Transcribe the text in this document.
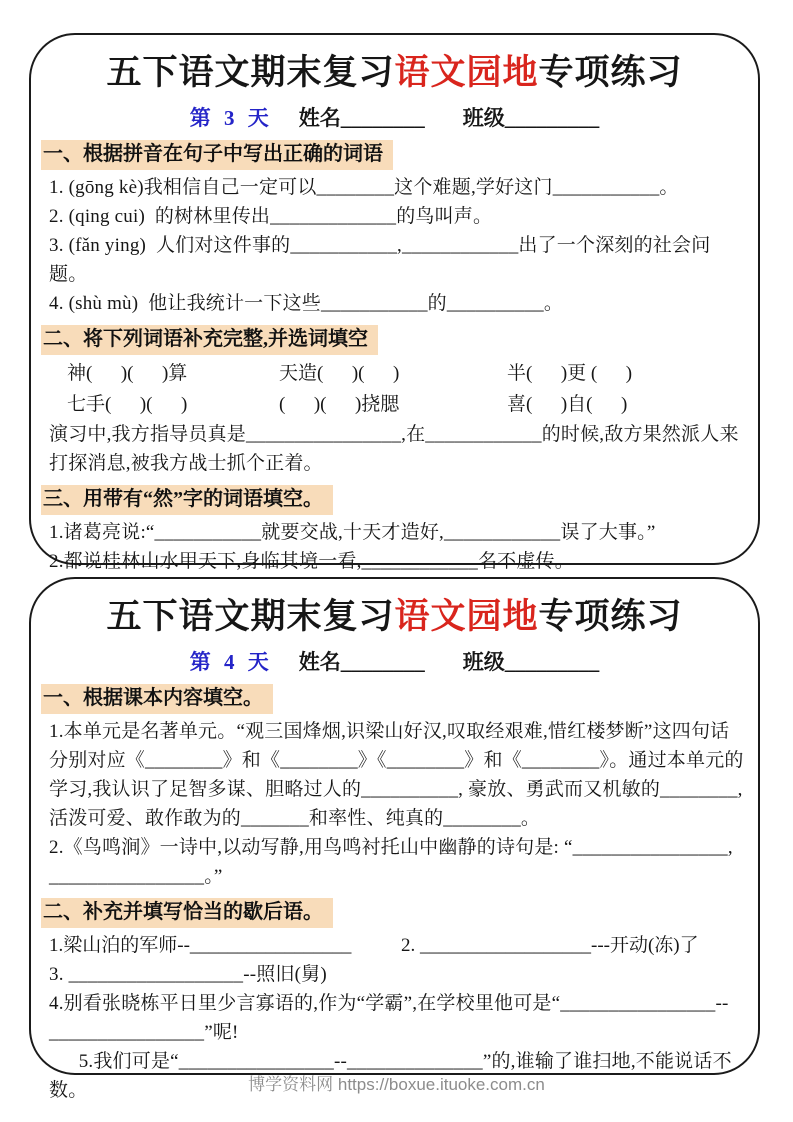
五下语文期末复习语文园地专项练习
第 3 天 姓名________ 班级_________
一、根据拼音在句子中写出正确的词语
1. (gōng kè)我相信自己一定可以________这个难题,学好这门___________。
2. (qing cui)  的树林里传出_____________的鸟叫声。
3. (fǎn ying)  人们对这件事的___________,____________出了一个深刻的社会问题。
4. (shù mù)  他让我统计一下这些___________的__________。
二、将下列词语补充完整,并选词填空
神(      )(      )算	天造(      )(      )	半(      )更 (      )
七手(      )(      )	(      )(      )挠腮	喜(      )自(      )
演习中,我方指导员真是________________,在____________的时候,敌方果然派人来打探消息,被我方战士抓个正着。
三、用带有“然”字的词语填空。
1.诸葛亮说:“___________就要交战,十天才造好,____________误了大事。”
2.都说桂林山水甲天下,身临其境一看,____________名不虚传。
五下语文期末复习语文园地专项练习
第 4 天 姓名________ 班级_________
一、根据课本内容填空。
1.本单元是名著单元。“观三国烽烟,识梁山好汉,叹取经艰难,惜红楼梦断”这四句话分别对应《________》和《________》《________》和《________》。通过本单元的学习,我认识了足智多谋、胆略过人的__________, 豪放、勇武而又机敏的________,活泼可爱、敢作敢为的_______和率性、纯真的________。
2.《鸟鸣涧》一诗中,以动写静,用鸟鸣衬托山中幽静的诗句是: “________________, ________________。”
二、补充并填写恰当的歇后语。
1.梁山泊的军师--_________________	2. __________________---开动(冻)了
3. __________________--照旧(舅)
4.别看张晓栋平日里少言寡语的,作为“学霸”,在学校里他可是“________________--________________”呢!
5.我们可是“________________--______________”的,谁输了谁扫地,不能说话不数。	博学资料网 https://boxue.ituoke.com.cn
